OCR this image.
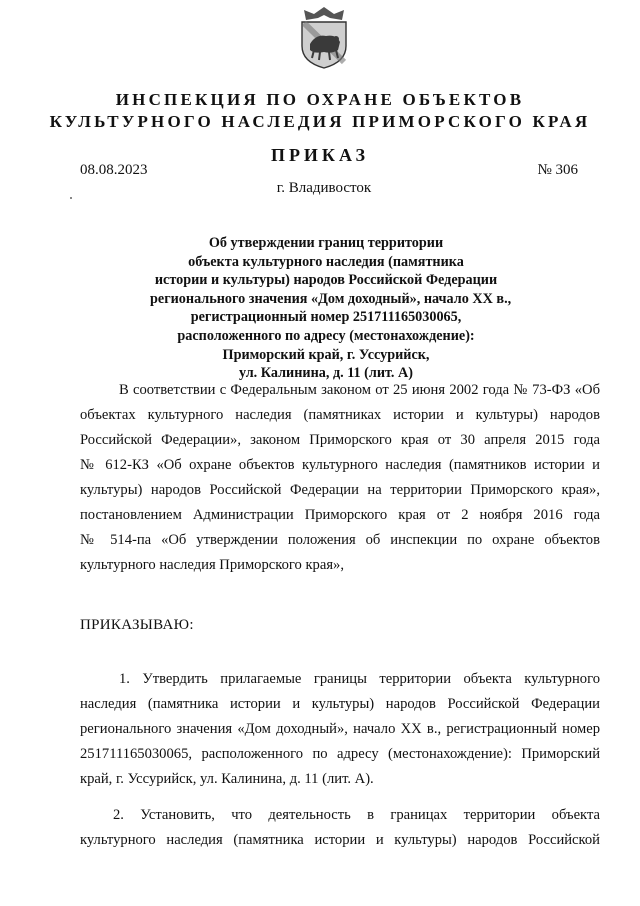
ИНСПЕКЦИЯ ПО ОХРАНЕ ОБЪЕКТОВ
КУЛЬТУРНОГО НАСЛЕДИЯ ПРИМОРСКОГО КРАЯ
ПРИКАЗ
08.08.2023	№ 306
г. Владивосток
Об утверждении границ территории
объекта культурного наследия (памятника
истории и культуры) народов Российской Федерации
регионального значения «Дом доходный», начало XX в.,
регистрационный номер 251711165030065,
расположенного по адресу (местонахождение):
Приморский край, г. Уссурийск,
ул. Калинина, д. 11 (лит. А)
В соответствии с Федеральным законом от 25 июня 2002 года № 73-ФЗ «Об
объектах культурного наследия (памятниках истории и культуры) народов
Российской Федерации», законом Приморского края от 30 апреля 2015 года
№ 612-КЗ «Об охране объектов культурного наследия (памятников истории и
культуры) народов Российской Федерации на территории Приморского края»,
постановлением Администрации Приморского края от 2 ноября 2016 года
№ 514-па «Об утверждении положения об инспекции по охране объектов
культурного наследия Приморского края»,
ПРИКАЗЫВАЮ:
1. Утвердить прилагаемые границы территории объекта культурного
наследия (памятника истории и культуры) народов Российской Федерации
регионального значения «Дом доходный», начало XX в., регистрационный номер
251711165030065, расположенного по адресу (местонахождение): Приморский
край, г. Уссурийск, ул. Калинина, д. 11 (лит. А).
2. Установить, что деятельность в границах территории объекта
культурного наследия (памятника истории и культуры) народов Российской
